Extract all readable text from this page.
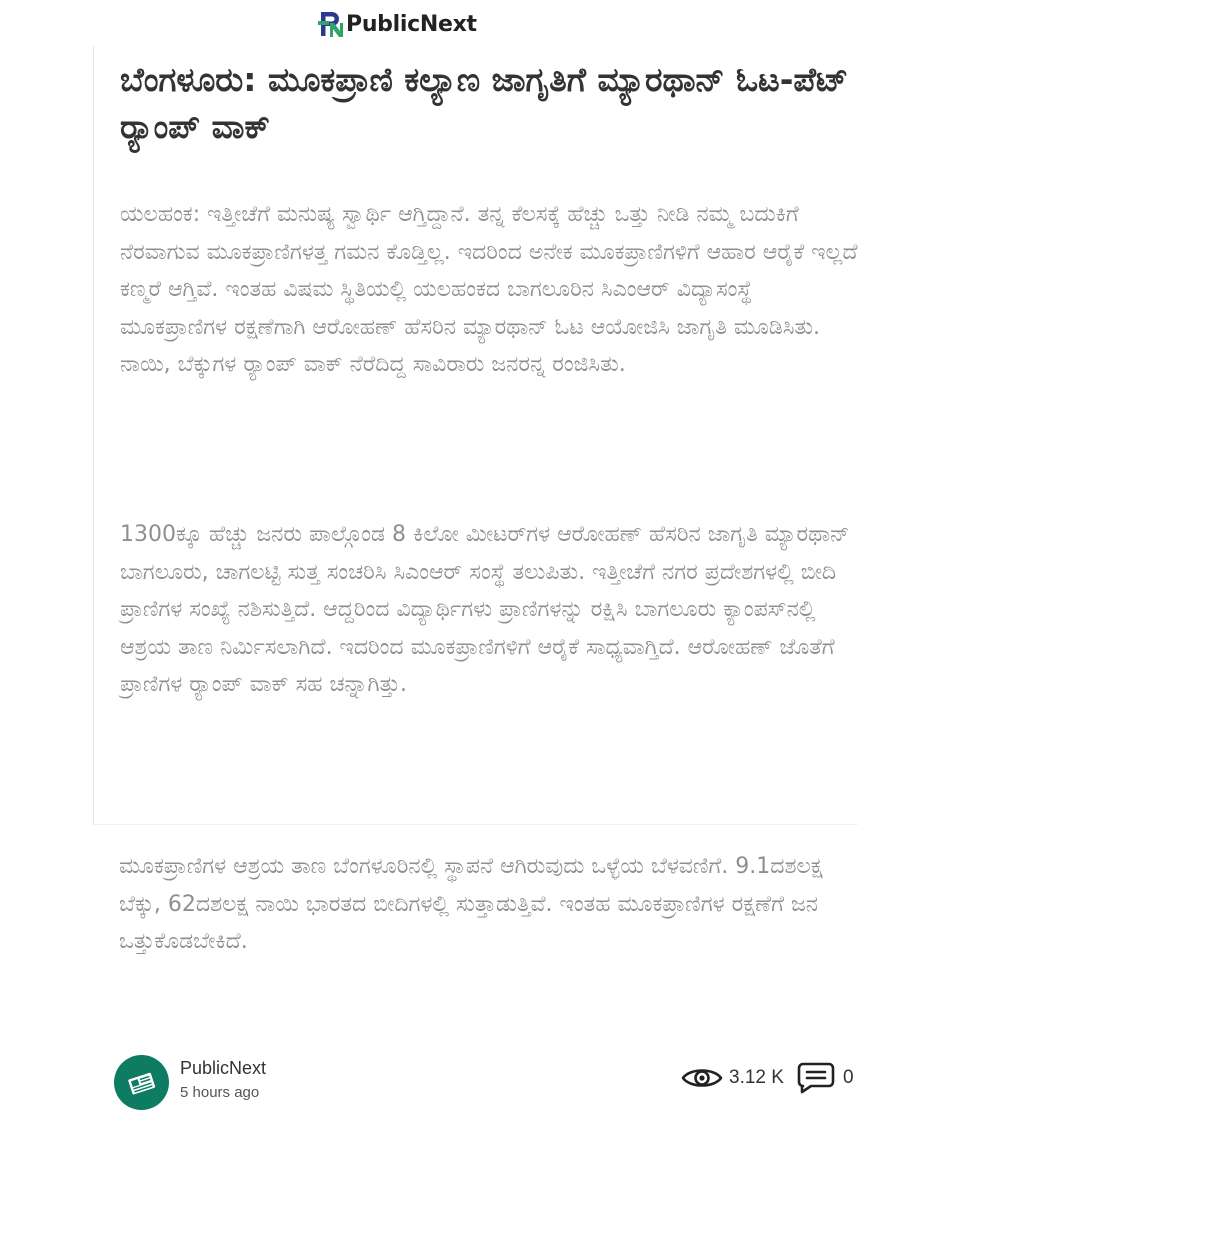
PublicNext
ಬೆಂಗಳೂರು: ಮೂಕಪ್ರಾಣಿ ಕಲ್ಯಾಣ ಜಾಗೃತಿಗೆ ಮ್ಯಾರಥಾನ್ ಓಟ-ಪೆಟ್ ರ್‍ಯಾಂಪ್ ವಾಕ್

ಯಲಹಂಕ: ಇತ್ತೀಚೆಗೆ ಮನುಷ್ಯ ಸ್ವಾರ್ಥಿ ಆಗ್ತಿದ್ದಾನೆ. ತನ್ನ ಕೆಲಸಕ್ಕೆ ಹೆಚ್ಚು ಒತ್ತು ನೀಡಿ ನಮ್ಮ ಬದುಕಿಗೆ ನೆರವಾಗುವ ಮೂಕಪ್ರಾಣಿಗಳತ್ತ ಗಮನ ಕೊಡ್ತಿಲ್ಲ. ಇದರಿಂದ ಅನೇಕ ಮೂಕಪ್ರಾಣಿಗಳಿಗೆ ಆಹಾರ ಆರೈಕೆ ಇಲ್ಲದೆ ಕಣ್ಮರೆ ಆಗ್ತಿವೆ. ಇಂತಹ ವಿಷಮ ಸ್ಥಿತಿಯಲ್ಲಿ ಯಲಹಂಕದ ಬಾಗಲೂರಿನ ಸಿಎಂಆರ್ ವಿದ್ಯಾಸಂಸ್ಥೆ ಮೂಕಪ್ರಾಣಿಗಳ ರಕ್ಷಣೆಗಾಗಿ ಆರೋಹಣ್ ಹೆಸರಿನ ಮ್ಯಾರಥಾನ್ ಓಟ ಆಯೋಜಿಸಿ ಜಾಗೃತಿ ಮೂಡಿಸಿತು. ನಾಯಿ, ಬೆಕ್ಕುಗಳ ರ್‍ಯಾಂಪ್ ವಾಕ್ ನೆರೆದಿದ್ದ ಸಾವಿರಾರು ಜನರನ್ನ ರಂಜಿಸಿತು.

1300ಕ್ಕೂ ಹೆಚ್ಚು ಜನರು ಪಾಲ್ಗೊಂಡ 8 ಕಿಲೋ ಮೀಟರ್‌ಗಳ ಆರೋಹಣ್ ಹೆಸರಿನ ಜಾಗೃತಿ ಮ್ಯಾರಥಾನ್ ಬಾಗಲೂರು, ಚಾಗಲಟ್ಟಿ ಸುತ್ತ ಸಂಚರಿಸಿ ಸಿಎಂಆರ್ ಸಂಸ್ಥೆ ತಲುಪಿತು. ಇತ್ತೀಚೆಗೆ ನಗರ ಪ್ರದೇಶಗಳಲ್ಲಿ ಬೀದಿ ಪ್ರಾಣಿಗಳ ಸಂಖ್ಯೆ ನಶಿಸುತ್ತಿದೆ. ಆದ್ದರಿಂದ ವಿದ್ಯಾರ್ಥಿಗಳು ಪ್ರಾಣಿಗಳನ್ನು ರಕ್ಷಿಸಿ ಬಾಗಲೂರು ಕ್ಯಾಂಪಸ್‌ನಲ್ಲಿ ಆಶ್ರಯ ತಾಣ ನಿರ್ಮಿಸಲಾಗಿದೆ. ಇದರಿಂದ ಮೂಕಪ್ರಾಣಿಗಳಿಗೆ ಆರೈಕೆ ಸಾಧ್ಯವಾಗ್ತಿದೆ. ಆರೋಹಣ್ ಜೊತೆಗೆ ಪ್ರಾಣಿಗಳ ರ್‍ಯಾಂಪ್ ವಾಕ್ ಸಹ ಚನ್ನಾಗಿತ್ತು.

ಮೂಕಪ್ರಾಣಿಗಳ ಆಶ್ರಯ ತಾಣ ಬೆಂಗಳೂರಿನಲ್ಲಿ ಸ್ಥಾಪನೆ ಆಗಿರುವುದು ಒಳ್ಳೆಯ ಬೆಳವಣಿಗೆ. 9.1ದಶಲಕ್ಷ ಬೆಕ್ಕು, 62ದಶಲಕ್ಷ ನಾಯಿ ಭಾರತದ ಬೀದಿಗಳಲ್ಲಿ ಸುತ್ತಾಡುತ್ತಿವೆ. ಇಂತಹ ಮೂಕಪ್ರಾಣಿಗಳ ರಕ್ಷಣೆಗೆ ಜನ ಒತ್ತುಕೊಡಬೇಕಿದೆ.

PublicNext
5 hours ago
3.12 K	0
